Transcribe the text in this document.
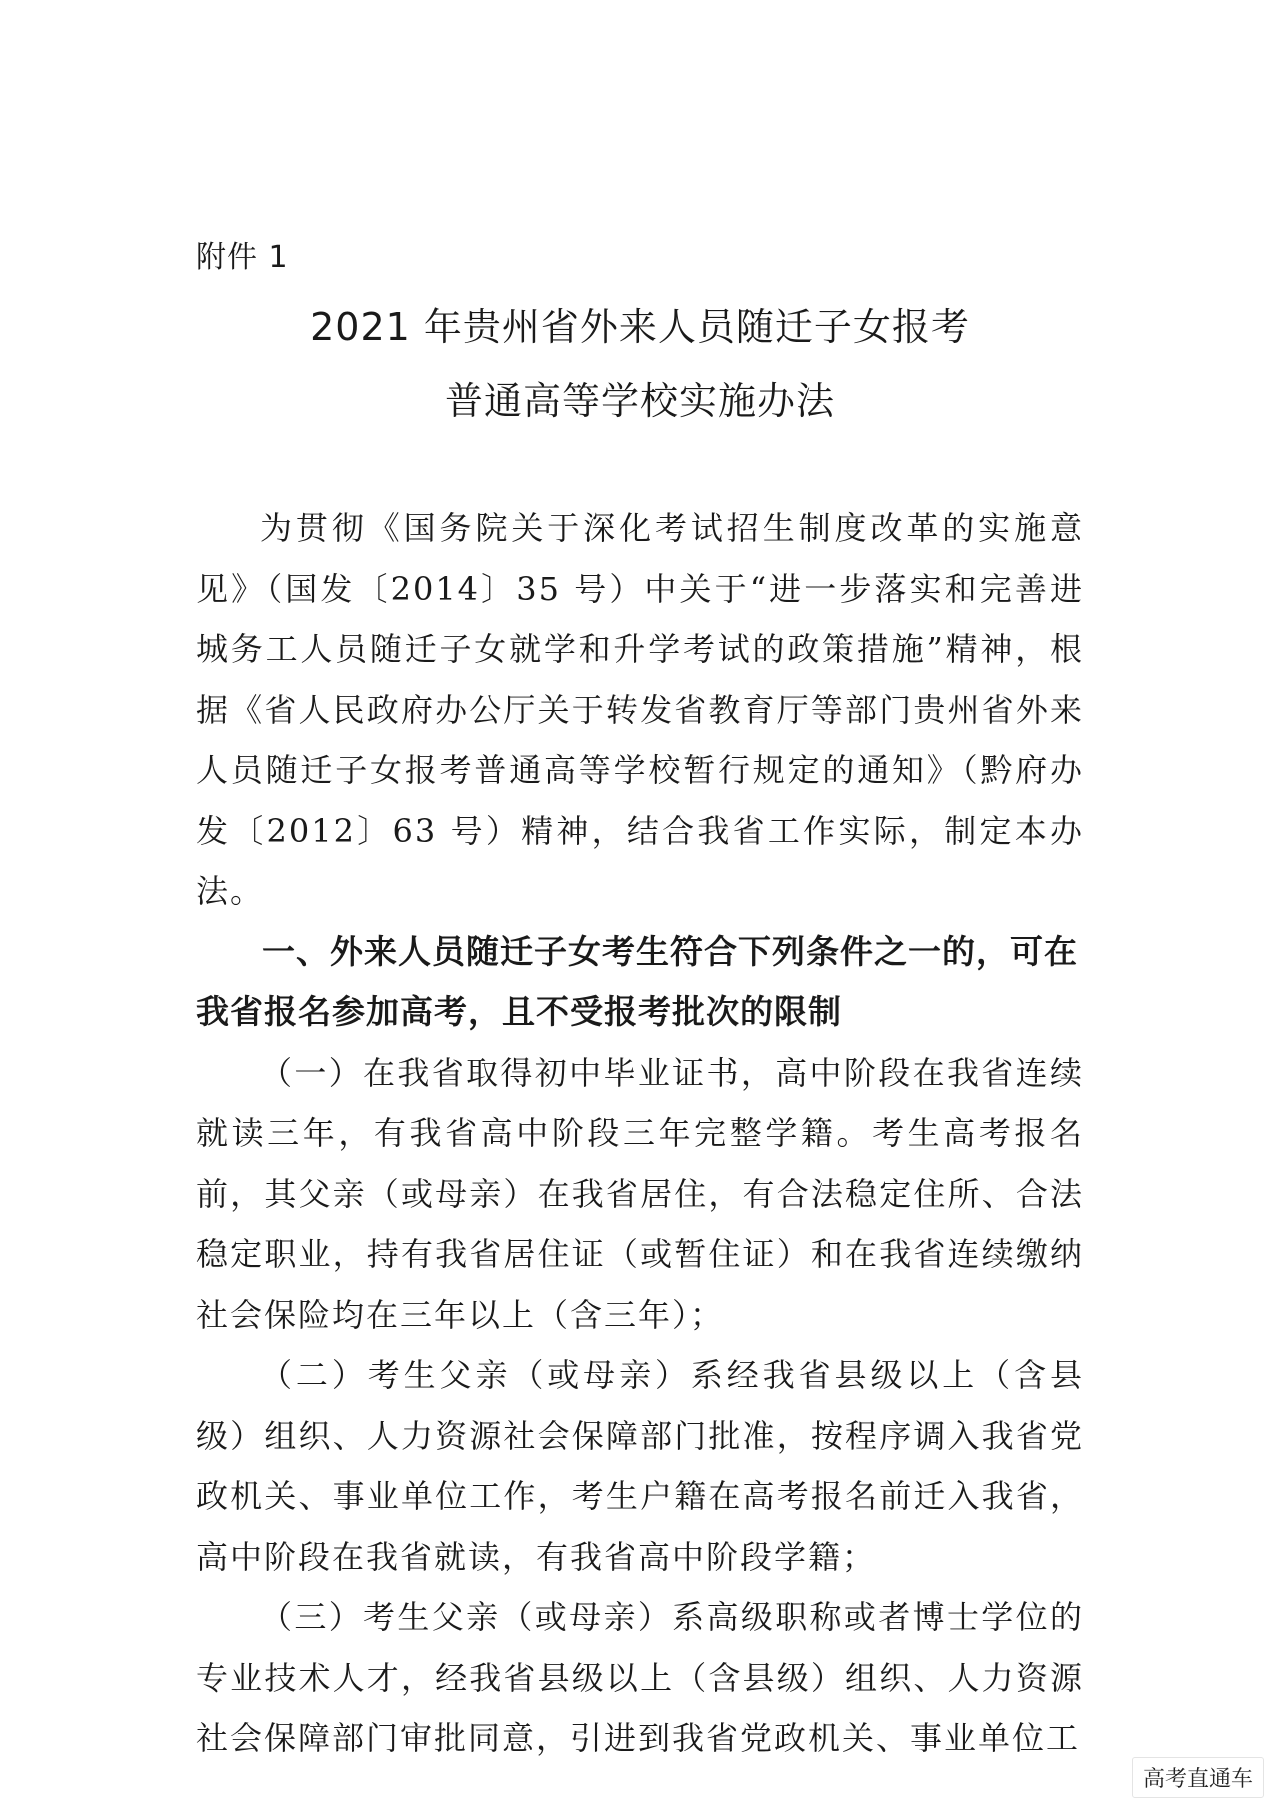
附件 1

2021 年贵州省外来人员随迁子女报考
普通高等学校实施办法

为贯彻《国务院关于深化考试招生制度改革的实施意见》（国发〔2014〕35 号）中关于“进一步落实和完善进城务工人员随迁子女就学和升学考试的政策措施”精神，根据《省人民政府办公厅关于转发省教育厅等部门贵州省外来人员随迁子女报考普通高等学校暂行规定的通知》（黔府办发〔2012〕63 号）精神，结合我省工作实际，制定本办法。

一、外来人员随迁子女考生符合下列条件之一的，可在我省报名参加高考，且不受报考批次的限制

（一）在我省取得初中毕业证书，高中阶段在我省连续就读三年，有我省高中阶段三年完整学籍。考生高考报名前，其父亲（或母亲）在我省居住，有合法稳定住所、合法稳定职业，持有我省居住证（或暂住证）和在我省连续缴纳社会保险均在三年以上（含三年）；

（二）考生父亲（或母亲）系经我省县级以上（含县级）组织、人力资源社会保障部门批准，按程序调入我省党政机关、事业单位工作，考生户籍在高考报名前迁入我省，高中阶段在我省就读，有我省高中阶段学籍；

（三）考生父亲（或母亲）系高级职称或者博士学位的专业技术人才，经我省县级以上（含县级）组织、人力资源社会保障部门审批同意，引进到我省党政机关、事业单位工

高考直通车
